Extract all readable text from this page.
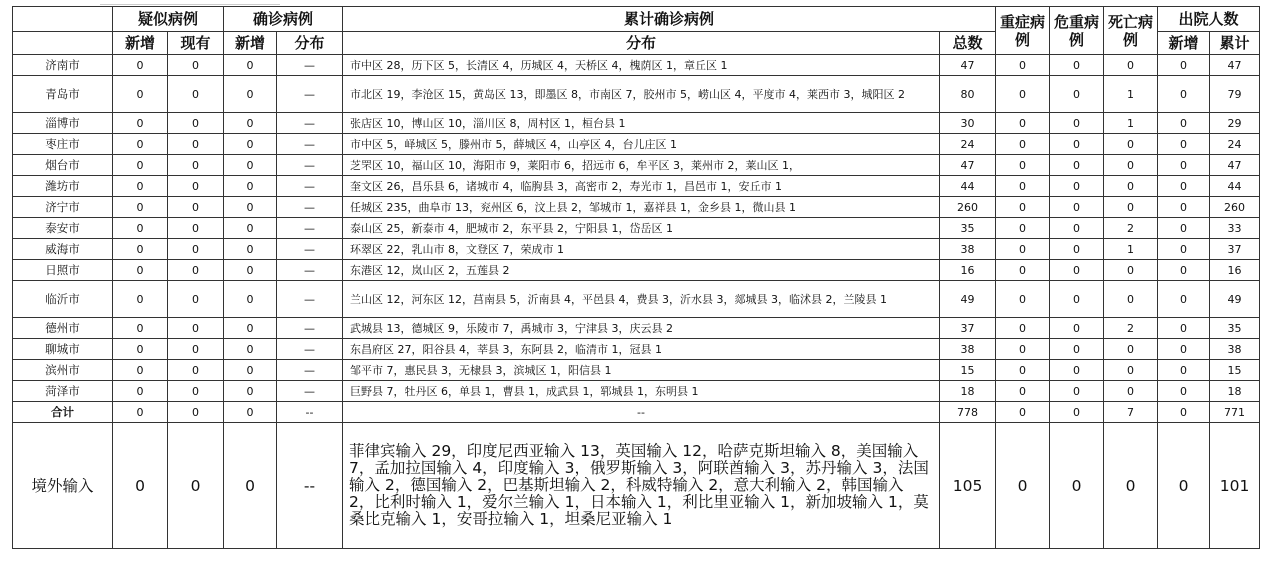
	疑似病例		确诊病例		累计确诊病例		重症病例	危重病例	死亡病例	出院人数	
	新增	现有	新增	分布	分布	总数				新增	累计
济南市	0	0	0	—	市中区 28，历下区 5，长清区 4，历城区 4，天桥区 4，槐荫区 1，章丘区 1	47	0	0	0	0	47
青岛市	0	0	0	—	市北区 19，李沧区 15，黄岛区 13，即墨区 8，市南区 7，胶州市 5，崂山区 4，平度市 4，莱西市 3，城阳区 2	80	0	0	1	0	79
淄博市	0	0	0	—	张店区 10，博山区 10，淄川区 8，周村区 1，桓台县 1	30	0	0	1	0	29
枣庄市	0	0	0	—	市中区 5，峄城区 5，滕州市 5，薛城区 4，山亭区 4，台儿庄区 1	24	0	0	0	0	24
烟台市	0	0	0	—	芝罘区 10，福山区 10，海阳市 9，莱阳市 6，招远市 6，牟平区 3，莱州市 2，莱山区 1，	47	0	0	0	0	47
潍坊市	0	0	0	—	奎文区 26，昌乐县 6，诸城市 4，临朐县 3，高密市 2，寿光市 1，昌邑市 1，安丘市 1	44	0	0	0	0	44
济宁市	0	0	0	—	任城区 235，曲阜市 13，兖州区 6，汶上县 2，邹城市 1，嘉祥县 1，金乡县 1，微山县 1	260	0	0	0	0	260
泰安市	0	0	0	—	泰山区 25，新泰市 4，肥城市 2，东平县 2，宁阳县 1，岱岳区 1	35	0	0	2	0	33
威海市	0	0	0	—	环翠区 22，乳山市 8，文登区 7，荣成市 1	38	0	0	1	0	37
日照市	0	0	0	—	东港区 12，岚山区 2，五莲县 2	16	0	0	0	0	16
临沂市	0	0	0	—	兰山区 12，河东区 12，莒南县 5，沂南县 4，平邑县 4，费县 3，沂水县 3，郯城县 3，临沭县 2，兰陵县 1	49	0	0	0	0	49
德州市	0	0	0	—	武城县 13，德城区 9，乐陵市 7，禹城市 3，宁津县 3，庆云县 2	37	0	0	2	0	35
聊城市	0	0	0	—	东昌府区 27，阳谷县 4，莘县 3，东阿县 2，临清市 1，冠县 1	38	0	0	0	0	38
滨州市	0	0	0	—	邹平市 7，惠民县 3，无棣县 3，滨城区 1，阳信县 1	15	0	0	0	0	15
菏泽市	0	0	0	—	巨野县 7，牡丹区 6，单县 1，曹县 1，成武县 1，郓城县 1，东明县 1	18	0	0	0	0	18
合计	0	0	0	--	--	778	0	0	7	0	771
境外输入	0	0	0	--	菲律宾输入 29，印度尼西亚输入 13，英国输入 12，哈萨克斯坦输入 8，美国输入 7，孟加拉国输入 4，印度输入 3，俄罗斯输入 3，阿联酋输入 3，苏丹输入 3，法国输入 2，德国输入 2，巴基斯坦输入 2，科威特输入 2，意大利输入 2，韩国输入 2，比利时输入 1，爱尔兰输入 1，日本输入 1，利比里亚输入 1，新加坡输入 1，莫桑比克输入 1，安哥拉输入 1，坦桑尼亚输入 1	105	0	0	0	0	101
